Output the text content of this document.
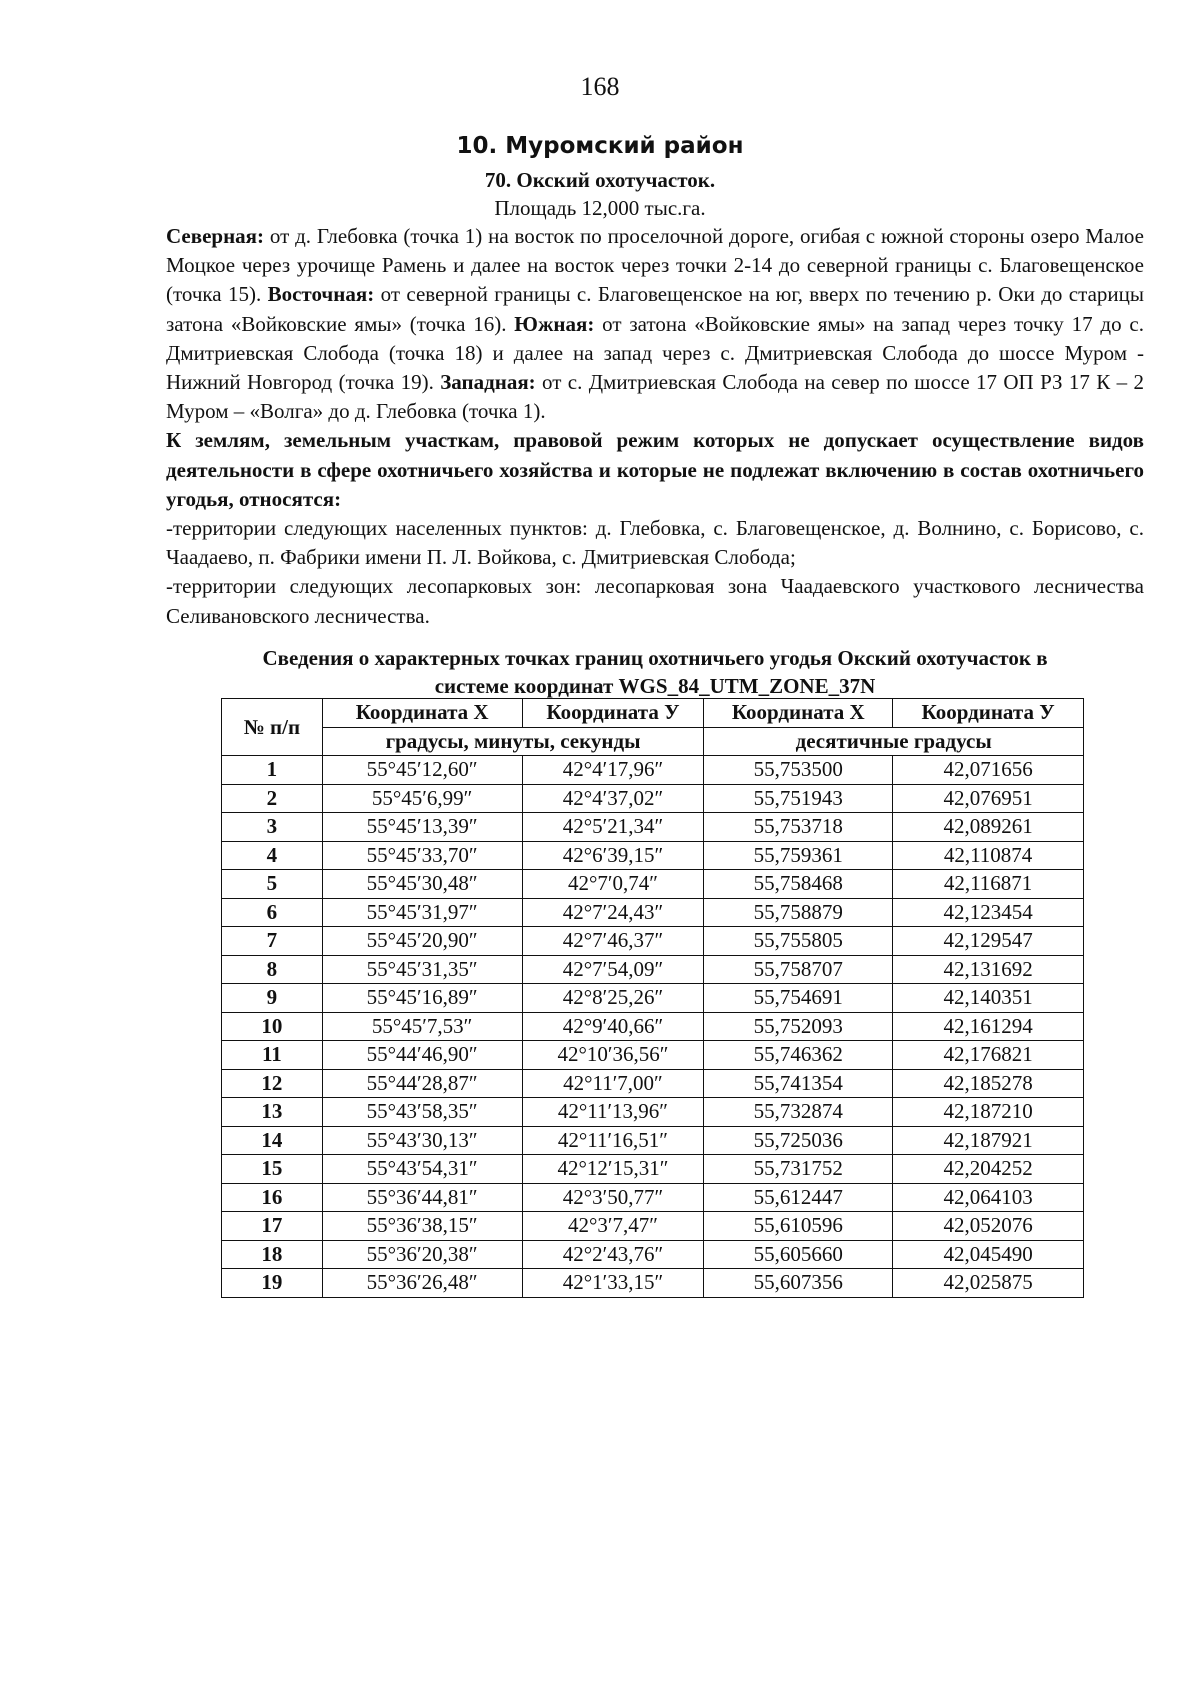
168
10. Муромский район
70. Окский охотучасток.
Площадь 12,000 тыс.га.

Северная: от д. Глебовка (точка 1) на восток по проселочной дороге, огибая с южной стороны озеро Малое Моцкое через урочище Рамень и далее на восток через точки 2-14 до северной границы с. Благовещенское (точка 15). Восточная: от северной границы с. Благовещенское на юг, вверх по течению р. Оки до старицы затона «Войковские ямы» (точка 16). Южная: от затона «Войковские ямы» на запад через точку 17 до с. Дмитриевская Слобода (точка 18) и далее на запад через с. Дмитриевская Слобода до шоссе Муром - Нижний Новгород (точка 19). Западная: от с. Дмитриевская Слобода на север по шоссе 17 ОП РЗ 17 К – 2 Муром – «Волга» до д. Глебовка (точка 1).

К землям, земельным участкам, правовой режим которых не допускает осуществление видов деятельности в сфере охотничьего хозяйства и которые не подлежат включению в состав охотничьего угодья, относятся:

-территории следующих населенных пунктов: д. Глебовка, с. Благовещенское, д. Волнино, с. Борисово, с. Чаадаево, п. Фабрики имени П. Л. Войкова, с. Дмитриевская Слобода;

-территории следующих лесопарковых зон: лесопарковая зона Чаадаевского участкового лесничества Селивановского лесничества.

Сведения о характерных точках границ охотничьего угодья Окский охотучасток в
системе координат WGS_84_UTM_ZONE_37N
№ п/п	Координата X	Координата У	Координата X	Координата У
	градусы, минуты, секунды		десятичные градусы	
1	55°45′12,60″	42°4′17,96″	55,753500	42,071656
2	55°45′6,99″	42°4′37,02″	55,751943	42,076951
3	55°45′13,39″	42°5′21,34″	55,753718	42,089261
4	55°45′33,70″	42°6′39,15″	55,759361	42,110874
5	55°45′30,48″	42°7′0,74″	55,758468	42,116871
6	55°45′31,97″	42°7′24,43″	55,758879	42,123454
7	55°45′20,90″	42°7′46,37″	55,755805	42,129547
8	55°45′31,35″	42°7′54,09″	55,758707	42,131692
9	55°45′16,89″	42°8′25,26″	55,754691	42,140351
10	55°45′7,53″	42°9′40,66″	55,752093	42,161294
11	55°44′46,90″	42°10′36,56″	55,746362	42,176821
12	55°44′28,87″	42°11′7,00″	55,741354	42,185278
13	55°43′58,35″	42°11′13,96″	55,732874	42,187210
14	55°43′30,13″	42°11′16,51″	55,725036	42,187921
15	55°43′54,31″	42°12′15,31″	55,731752	42,204252
16	55°36′44,81″	42°3′50,77″	55,612447	42,064103
17	55°36′38,15″	42°3′7,47″	55,610596	42,052076
18	55°36′20,38″	42°2′43,76″	55,605660	42,045490
19	55°36′26,48″	42°1′33,15″	55,607356	42,025875
